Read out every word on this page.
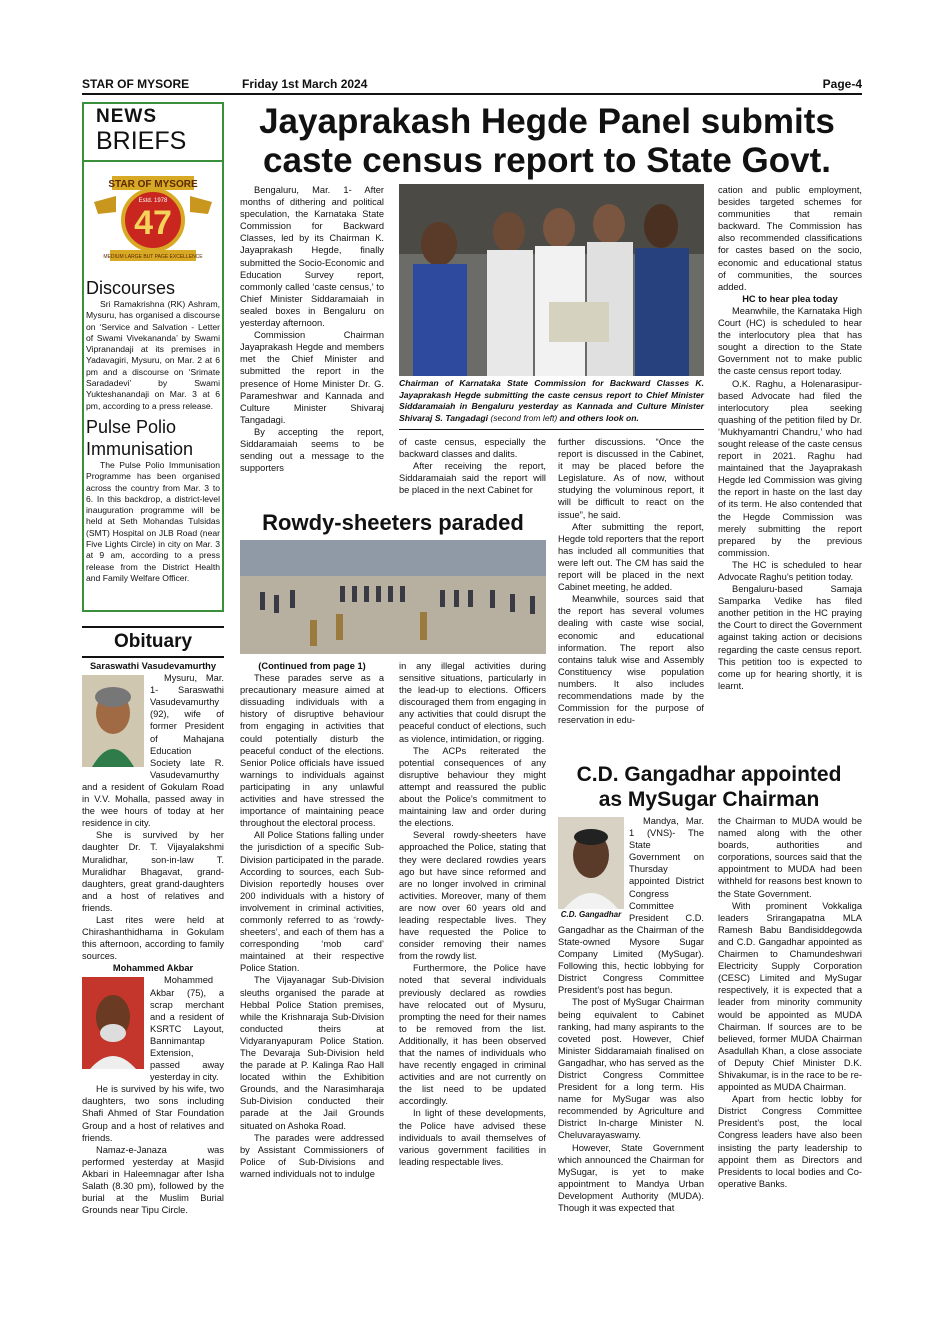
STAR OF MYSORE	Friday 1st March 2024	Page-4
NEWS
BRIEFS
STAR OF MYSORE
47
Estd. 1978
MEDIUM LARGE BUT PAGE EXCELLENCE
Discourses

Sri Ramakrishna (RK) Ashram, Mysuru, has organised a discourse on ‘Service and Salvation - Letter of Swami Vivekananda’ by Swami Vipranandaji at its premises in Yadavagiri, Mysuru, on Mar. 2 at 6 pm and a discourse on ‘Srimate Saradadevi’ by Swami Yukteshanandaji on Mar. 3 at 6 pm, according to a press release.

Pulse Polio Immunisation

The Pulse Polio Immunisation Programme has been organised across the country from Mar. 3 to 6. In this backdrop, a district-level inauguration programme will be held at Seth Mohandas Tulsidas (SMT) Hospital on JLB Road (near Five Lights Circle) in city on Mar. 3 at 9 am, according to a press release from the District Health and Family Welfare Officer.

Obituary

Saraswathi Vasudevamurthy

Mysuru, Mar. 1- Saraswathi Vasudevamurthy (92), wife of former President of Mahajana Education Society late R. Vasudevamurthy and a resident of Gokulam Road in V.V. Mohalla, passed away in the wee hours of today at her residence in city.

She is survived by her daughter Dr. T. Vijayalakshmi Muralidhar, son-in-law T. Muralidhar Bhagavat, grand-daughters, great grand-daughters and a host of relatives and friends.

Last rites were held at Chirashanthidhama in Gokulam this afternoon, according to family sources.

Mohammed Akbar

Mohammed Akbar (75), a scrap merchant and a resident of KSRTC Layout, Bannimantap Extension, passed away yesterday in city.

He is survived by his wife, two daughters, two sons including Shafi Ahmed of Star Foundation Group and a host of relatives and friends.

Namaz-e-Janaza was performed yesterday at Masjid Akbari in Haleemnagar after Isha Salath (8.30 pm), followed by the burial at the Muslim Burial Grounds near Tipu Circle.

Jayaprakash Hegde Panel submits
caste census report to State Govt.

Bengaluru, Mar. 1- After months of dithering and political speculation, the Karnataka State Commission for Backward Classes, led by its Chairman K. Jayaprakash Hegde, finally submitted the Socio-Economic and Education Survey report, commonly called ‘caste census,’ to Chief Minister Siddaramaiah in sealed boxes in Bengaluru on yesterday afternoon.

Commission Chairman Jayaprakash Hegde and members met the Chief Minister and submitted the report in the presence of Home Minister Dr. G. Parameshwar and Kannada and Culture Minister Shivaraj Tangadagi.

By accepting the report, Siddaramaiah seems to be sending out a message to the supporters

Chairman of Karnataka State Commission for Backward Classes K. Jayaprakash Hegde submitting the caste census report to Chief Minister Siddaramaiah in Bengaluru yesterday as Kannada and Culture Minister Shivaraj S. Tangadagi (second from left) and others look on.

of caste census, especially the backward classes and dalits.

After receiving the report, Siddaramaiah said the report will be placed in the next Cabinet for

further discussions. “Once the report is discussed in the Cabinet, it may be placed before the Legislature. As of now, without studying the voluminous report, it will be difficult to react on the issue”, he said.

After submitting the report, Hegde told reporters that the report has included all communities that were left out. The CM has said the report will be placed in the next Cabinet meeting, he added.

Meanwhile, sources said that the report has several volumes dealing with caste wise social, economic and educational information. The report also contains taluk wise and Assembly Constituency wise population numbers. It also includes recommendations made by the Commission for the purpose of reservation in edu-

cation and public employment, besides targeted schemes for communities that remain backward. The Commission has also recommended classifications for castes based on the socio, economic and educational status of communities, the sources added.

HC to hear plea today

Meanwhile, the Karnataka High Court (HC) is scheduled to hear the interlocutory plea that has sought a direction to the State Government not to make public the caste census report today.

O.K. Raghu, a Holenarasipur-based Advocate had filed the interlocutory plea seeking quashing of the petition filed by Dr. ‘Mukhyamantri Chandru,’ who had sought release of the caste census report in 2021. Raghu had maintained that the Jayaprakash Hegde led Commission was giving the report in haste on the last day of its term. He also contended that the Hegde Commission was merely submitting the report prepared by the previous commission.

The HC is scheduled to hear Advocate Raghu’s petition today.

Bengaluru-based Samaja Samparka Vedike has filed another petition in the HC praying the Court to direct the Government against taking action or decisions regarding the caste census report. This petition too is expected to come up for hearing shortly, it is learnt.

Rowdy-sheeters paraded

(Continued from page 1)

These parades serve as a precautionary measure aimed at dissuading individuals with a history of disruptive behaviour from engaging in activities that could potentially disturb the peaceful conduct of the elections. Senior Police officials have issued warnings to individuals against participating in any unlawful activities and have stressed the importance of maintaining peace throughout the electoral process.

All Police Stations falling under the jurisdiction of a specific Sub-Division participated in the parade. According to sources, each Sub-Division reportedly houses over 200 individuals with a history of involvement in criminal activities, commonly referred to as ‘rowdy-sheeters’, and each of them has a corresponding ‘mob card’ maintained at their respective Police Station.

The Vijayanagar Sub-Division sleuths organised the parade at Hebbal Police Station premises, while the Krishnaraja Sub-Division conducted theirs at Vidyaranyapuram Police Station. The Devaraja Sub-Division held the parade at P. Kalinga Rao Hall located within the Exhibition Grounds, and the Narasimharaja Sub-Division conducted their parade at the Jail Grounds situated on Ashoka Road.

The parades were addressed by Assistant Commissioners of Police of Sub-Divisions and warned individuals not to indulge

in any illegal activities during sensitive situations, particularly in the lead-up to elections. Officers discouraged them from engaging in any activities that could disrupt the peaceful conduct of elections, such as violence, intimidation, or rigging.

The ACPs reiterated the potential consequences of any disruptive behaviour they might attempt and reassured the public about the Police’s commitment to maintaining law and order during the elections.

Several rowdy-sheeters have approached the Police, stating that they were declared rowdies years ago but have since reformed and are no longer involved in criminal activities. Moreover, many of them are now over 60 years old and leading respectable lives. They have requested the Police to consider removing their names from the rowdy list.

Furthermore, the Police have noted that several individuals previously declared as rowdies have relocated out of Mysuru, prompting the need for their names to be removed from the list. Additionally, it has been observed that the names of individuals who have recently engaged in criminal activities and are not currently on the list need to be updated accordingly.

In light of these developments, the Police have advised these individuals to avail themselves of various government facilities in leading respectable lives.

C.D. Gangadhar appointed
as MySugar Chairman
C.D. Gangadhar

Mandya, Mar. 1 (VNS)- The State Government on Thursday appointed District Congress Committee President C.D. Gangadhar as the Chairman of the State-owned Mysore Sugar Company Limited (MySugar). Following this, hectic lobbying for District Congress Committee President’s post has begun.

The post of MySugar Chairman being equivalent to Cabinet ranking, had many aspirants to the coveted post. However, Chief Minister Siddaramaiah finalised on Gangadhar, who has served as the District Congress Committee President for a long term. His name for MySugar was also recommended by Agriculture and District In-charge Minister N. Cheluvarayaswamy.

However, State Government which announced the Chairman for MySugar, is yet to make appointment to Mandya Urban Development Authority (MUDA). Though it was expected that

the Chairman to MUDA would be named along with the other boards, authorities and corporations, sources said that the appointment to MUDA had been withheld for reasons best known to the State Government.

With prominent Vokkaliga leaders Srirangapatna MLA Ramesh Babu Bandisiddegowda and C.D. Gangadhar appointed as Chairmen to Chamundeshwari Electricity Supply Corporation (CESC) Limited and MySugar respectively, it is expected that a leader from minority community would be appointed as MUDA Chairman. If sources are to be believed, former MUDA Chairman Asadullah Khan, a close associate of Deputy Chief Minister D.K. Shivakumar, is in the race to be re-appointed as MUDA Chairman.

Apart from hectic lobby for District Congress Committee President’s post, the local Congress leaders have also been insisting the party leadership to appoint them as Directors and Presidents to local bodies and Co-operative Banks.
